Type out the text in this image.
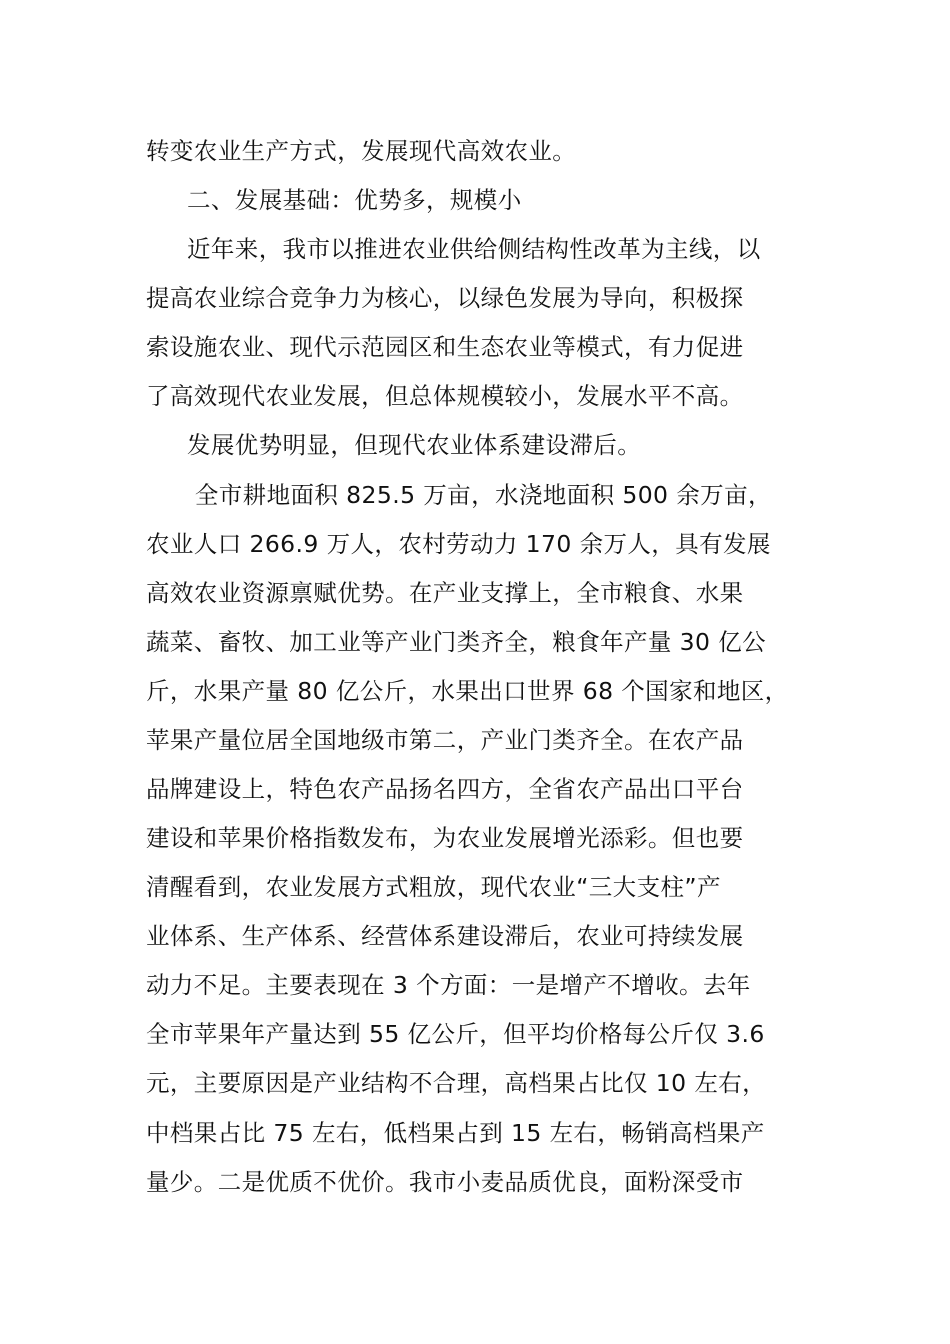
转变农业生产方式，发展现代高效农业。
二、发展基础：优势多，规模小
近年来，我市以推进农业供给侧结构性改革为主线，以
提高农业综合竞争力为核心，以绿色发展为导向，积极探
索设施农业、现代示范园区和生态农业等模式，有力促进
了高效现代农业发展，但总体规模较小，发展水平不高。
发展优势明显，但现代农业体系建设滞后。
全市耕地面积 825.5 万亩，水浇地面积 500 余万亩，
农业人口 266.9 万人，农村劳动力 170 余万人，具有发展
高效农业资源禀赋优势。在产业支撑上，全市粮食、水果
蔬菜、畜牧、加工业等产业门类齐全，粮食年产量 30 亿公
斤，水果产量 80 亿公斤，水果出口世界 68 个国家和地区，
苹果产量位居全国地级市第二，产业门类齐全。在农产品
品牌建设上，特色农产品扬名四方，全省农产品出口平台
建设和苹果价格指数发布，为农业发展增光添彩。但也要
清醒看到，农业发展方式粗放，现代农业“三大支柱”产
业体系、生产体系、经营体系建设滞后，农业可持续发展
动力不足。主要表现在 3 个方面：一是增产不增收。去年
全市苹果年产量达到 55 亿公斤，但平均价格每公斤仅 3.6
元，主要原因是产业结构不合理，高档果占比仅 10 左右，
中档果占比 75 左右，低档果占到 15 左右，畅销高档果产
量少。二是优质不优价。我市小麦品质优良，面粉深受市
